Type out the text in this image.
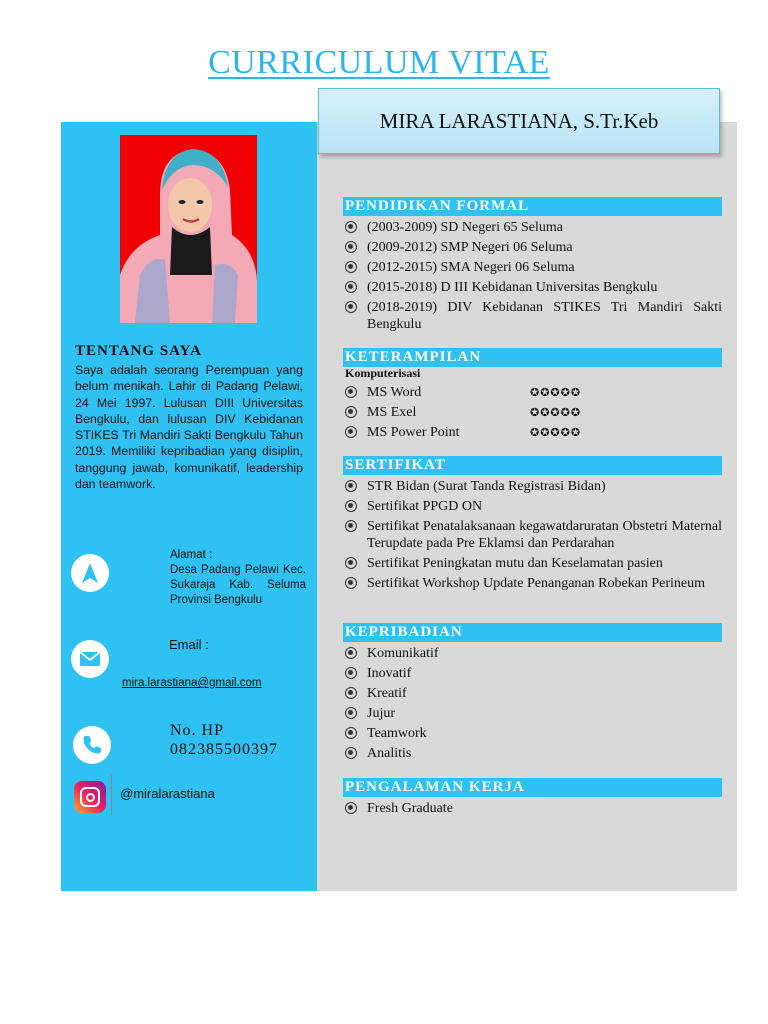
CURRICULUM VITAE
MIRA LARASTIANA, S.Tr.Keb
TENTANG SAYA
Saya adalah seorang Perempuan yang belum menikah. Lahir di Padang Pelawi, 24 Mei 1997. Lulusan DIII Universitas Bengkulu, dan lulusan DIV Kebidanan STIKES Tri Mandiri Sakti Bengkulu Tahun 2019. Memiliki kepribadian yang disiplin, tanggung jawab, komunikatif, leadership dan teamwork.
Alamat :
Desa Padang Pelawi Kec. Sukaraja Kab. Seluma Provinsi Bengkulu
Email :
mira.larastiana@gmail.com
No. HP
082385500397
@miralarastiana
PENDIDIKAN FORMAL
(2003-2009) SD Negeri 65 Seluma
(2009-2012) SMP Negeri 06 Seluma
(2012-2015) SMA Negeri 06 Seluma
(2015-2018) D III Kebidanan Universitas Bengkulu
(2018-2019) DIV Kebidanan STIKES Tri Mandiri Sakti Bengkulu
KETERAMPILAN
Komputerisasi
MS Word	✪✪✪✪✪
MS Exel	✪✪✪✪✪
MS Power Point	✪✪✪✪✪
SERTIFIKAT
STR Bidan (Surat Tanda Registrasi Bidan)
Sertifikat PPGD ON
Sertifikat Penatalaksanaan kegawatdaruratan Obstetri Maternal Terupdate pada Pre Eklamsi dan Perdarahan
Sertifikat Peningkatan mutu dan Keselamatan pasien
Sertifikat Workshop Update Penanganan Robekan Perineum
KEPRIBADIAN
Komunikatif
Inovatif
Kreatif
Jujur
Teamwork
Analitis
PENGALAMAN KERJA
Fresh Graduate
